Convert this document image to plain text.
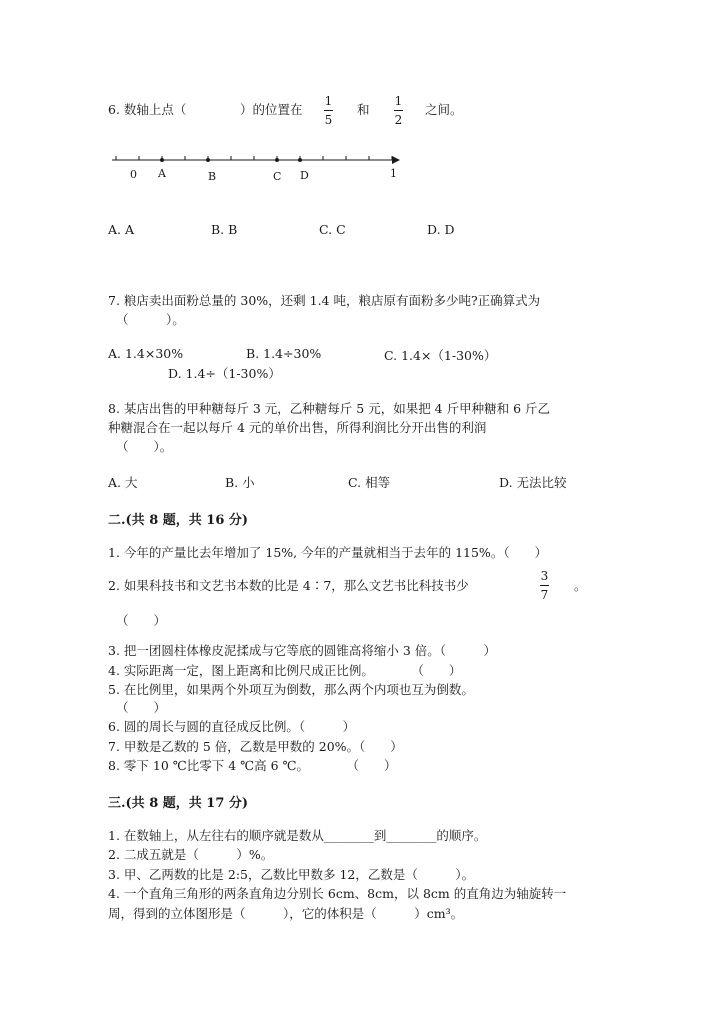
6. 数轴上点（	）的位置在
1
5
和
1
2
之间。
0 A	B	C D	1
A. A	B. B	C. C	D. D
7. 粮店卖出面粉总量的 30%，还剩 1.4 吨，粮店原有面粉多少吨?正确算式为
（　　　）。
A. 1.4×30%	B. 1.4÷30%	C. 1.4×（1-30%）
D. 1.4÷（1-30%）
8. 某店出售的甲种糖每斤 3 元，乙种糖每斤 5 元，如果把 4 斤甲种糖和 6 斤乙
种糖混合在一起以每斤 4 元的单价出售，所得利润比分开出售的利润
（　　）。
A. 大	B. 小	C. 相等	D. 无法比较
二.(共 8 题，共 16 分)
1. 今年的产量比去年增加了 15%, 今年的产量就相当于去年的 115%。（　　）
2. 如果科技书和文艺书本数的比是 4∶7，那么文艺书比科技书少
3
7
。
（　　）
3. 把一团圆柱体橡皮泥揉成与它等底的圆锥高将缩小 3 倍。（　　　）
4. 实际距离一定，图上距离和比例尺成正比例。　　　　（　　）
5. 在比例里，如果两个外项互为倒数，那么两个内项也互为倒数。
（　　）
6. 圆的周长与圆的直径成反比例。（　　　）
7. 甲数是乙数的 5 倍，乙数是甲数的 20%。（　　）
8. 零下 10 ℃比零下 4 ℃高 6 ℃。　　　　（　　）
三.(共 8 题，共 17 分)
1. 在数轴上，从左往右的顺序就是数从________到________的顺序。
2. 二成五就是（　　　）%。
3. 甲、乙两数的比是 2:5，乙数比甲数多 12，乙数是（　　　）。
4. 一个直角三角形的两条直角边分别长 6cm、8cm，以 8cm 的直角边为轴旋转一
周，得到的立体图形是（　　　），它的体积是（　　　）cm³。
